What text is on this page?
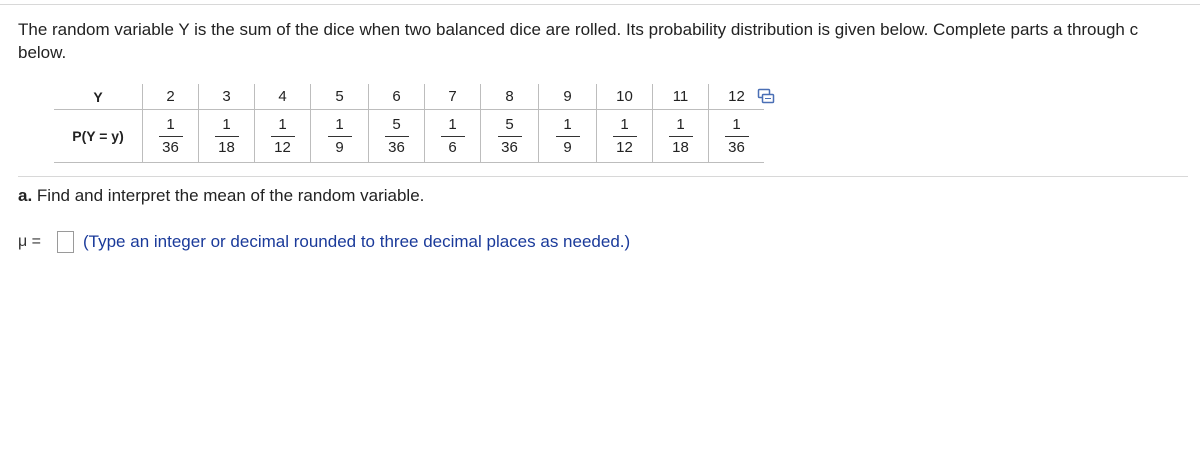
The random variable Y is the sum of the dice when two balanced dice are rolled. Its probability distribution is given below. Complete parts a through c below.
Y	2	3	4	5	6	7	8	9	10	11	12
P(Y = y)	$\frac{1}{36}$	$\frac{1}{18}$	$\frac{1}{12}$	$\frac{1}{9}$	$\frac{5}{36}$	$\frac{1}{6}$	$\frac{5}{36}$	$\frac{1}{9}$	$\frac{1}{12}$	$\frac{1}{18}$	$\frac{1}{36}$
a. Find and interpret the mean of the random variable.
μ =	(Type an integer or decimal rounded to three decimal places as needed.)
